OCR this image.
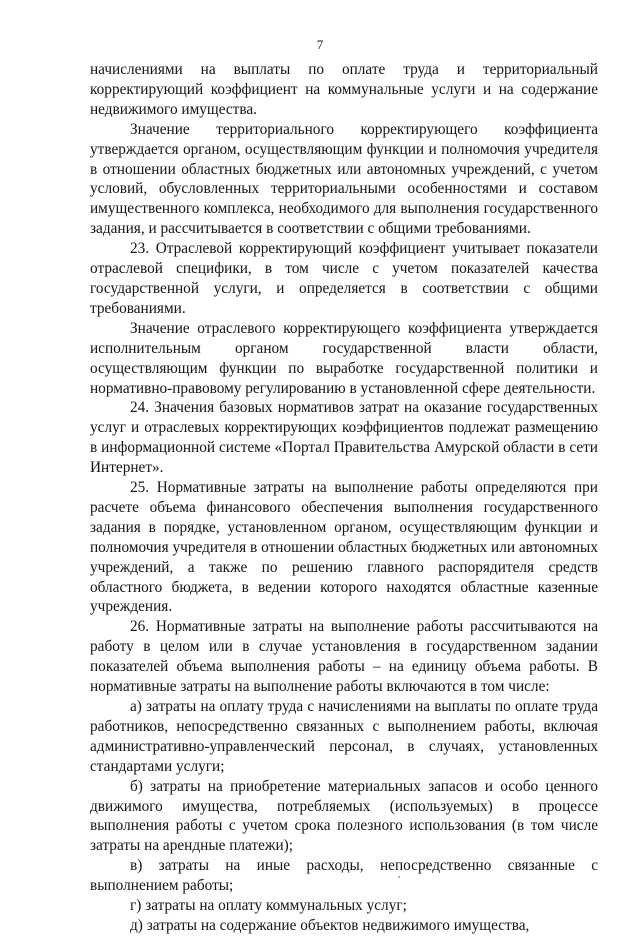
7

начислениями на выплаты по оплате труда и территориальный корректирующий коэффициент на коммунальные услуги и на содержание недвижимого имущества.

Значение территориального корректирующего коэффициента утверждается органом, осуществляющим функции и полномочия учредителя в отношении областных бюджетных или автономных учреждений, с учетом условий, обусловленных территориальными особенностями и составом имущественного комплекса, необходимого для выполнения государственного задания, и рассчитывается в соответствии с общими требованиями.

23. Отраслевой корректирующий коэффициент учитывает показатели отраслевой специфики, в том числе с учетом показателей качества государственной услуги, и определяется в соответствии с общими требованиями.

Значение отраслевого корректирующего коэффициента утверждается исполнительным органом государственной власти области, осуществляющим функции по выработке государственной политики и нормативно-правовому регулированию в установленной сфере деятельности.

24. Значения базовых нормативов затрат на оказание государственных услуг и отраслевых корректирующих коэффициентов подлежат размещению в информационной системе «Портал Правительства Амурской области в сети Интернет».

25. Нормативные затраты на выполнение работы определяются при расчете объема финансового обеспечения выполнения государственного задания в порядке, установленном органом, осуществляющим функции и полномочия учредителя в отношении областных бюджетных или автономных учреждений, а также по решению главного распорядителя средств областного бюджета, в ведении которого находятся областные казенные учреждения.

26. Нормативные затраты на выполнение работы рассчитываются на работу в целом или в случае установления в государственном задании показателей объема выполнения работы – на единицу объема работы. В нормативные затраты на выполнение работы включаются в том числе:

а) затраты на оплату труда с начислениями на выплаты по оплате труда работников, непосредственно связанных с выполнением работы, включая административно-управленческий персонал, в случаях, установленных стандартами услуги;

б) затраты на приобретение материальных запасов и особо ценного движимого имущества, потребляемых (используемых) в процессе выполнения работы с учетом срока полезного использования (в том числе затраты на арендные платежи);

в) затраты на иные расходы, непосредственно связанные с выполнением работы;

г) затраты на оплату коммунальных услуг;

д) затраты на содержание объектов недвижимого имущества,
